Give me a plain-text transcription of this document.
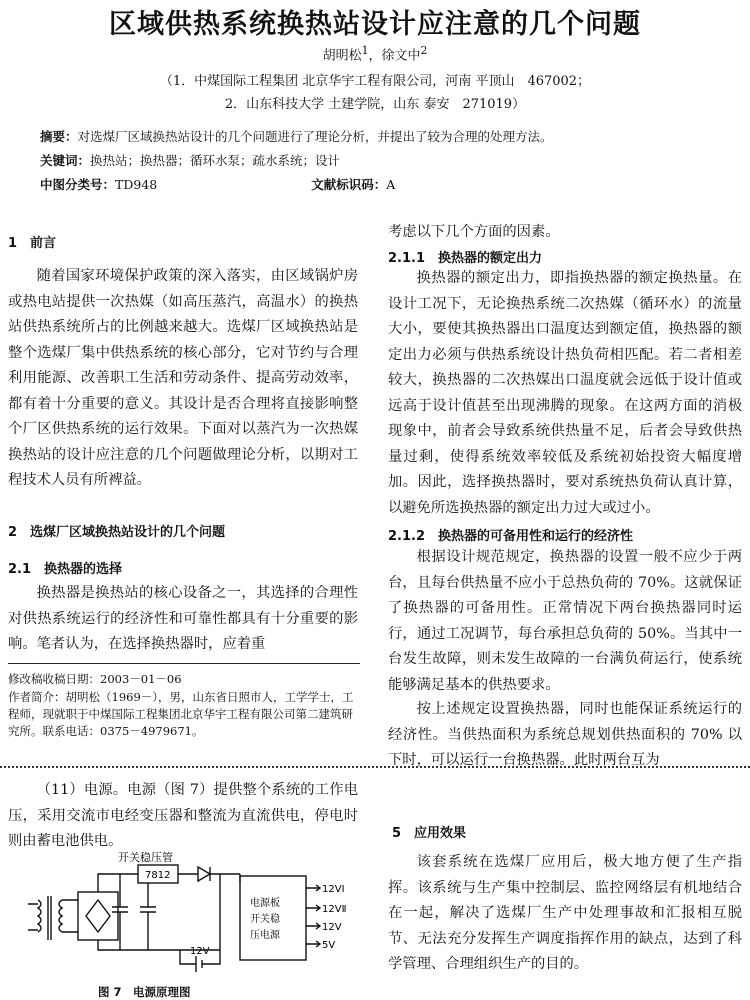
区域供热系统换热站设计应注意的几个问题
胡明松$^1$，徐文中$^2$
（1．中煤国际工程集团 北京华宇工程有限公司，河南 平顶山　467002；
2．山东科技大学 土建学院，山东 泰安　271019）
摘要：对选煤厂区域换热站设计的几个问题进行了理论分析，并提出了较为合理的处理方法。
关键词：换热站；换热器；循环水泵；疏水系统；设计
中图分类号：TD948	文献标识码：A
1　前言

随着国家环境保护政策的深入落实，由区域锅炉房或热电站提供一次热媒（如高压蒸汽，高温水）的换热站供热系统所占的比例越来越大。选煤厂区域换热站是整个选煤厂集中供热系统的核心部分，它对节约与合理利用能源、改善职工生活和劳动条件、提高劳动效率，都有着十分重要的意义。其设计是否合理将直接影响整个厂区供热系统的运行效果。下面对以蒸汽为一次热媒换热站的设计应注意的几个问题做理论分析，以期对工程技术人员有所裨益。

2　选煤厂区域换热站设计的几个问题
2.1　换热器的选择

换热器是换热站的核心设备之一，其选择的合理性对供热系统运行的经济性和可靠性都具有十分重要的影响。笔者认为，在选择换热器时，应着重

修改稿收稿日期：2003－01－06
作者简介：胡明松（1969－），男，山东省日照市人，工学学士，工程师，现就职于中煤国际工程集团北京华宇工程有限公司第二建筑研究所。联系电话：0375－4979671。

考虑以下几个方面的因素。

2.1.1　换热器的额定出力

换热器的额定出力，即指换热器的额定换热量。在设计工况下，无论换热系统二次热媒（循环水）的流量大小，要使其换热器出口温度达到额定值，换热器的额定出力必须与供热系统设计热负荷相匹配。若二者相差较大，换热器的二次热媒出口温度就会远低于设计值或远高于设计值甚至出现沸腾的现象。在这两方面的消极现象中，前者会导致系统供热量不足，后者会导致供热量过剩，使得系统效率较低及系统初始投资大幅度增加。因此，选择换热器时，要对系统热负荷认真计算，以避免所选换热器的额定出力过大或过小。

2.1.2　换热器的可备用性和运行的经济性

根据设计规范规定，换热器的设置一般不应少于两台，且每台供热量不应小于总热负荷的 70%。这就保证了换热器的可备用性。正常情况下两台换热器同时运行，通过工况调节，每台承担总负荷的 50%。当其中一台发生故障，则未发生故障的一台满负荷运行，使系统能够满足基本的供热要求。

按上述规定设置换热器，同时也能保证系统运行的经济性。当供热面积为系统总规划供热面积的 70% 以下时，可以运行一台换热器。此时两台互为

（11）电源。电源（图 7）提供整个系统的工作电压，采用交流市电经变压器和整流为直流供电，停电时则由蓄电池供电。	5　应用效果

该套系统在选煤厂应用后，极大地方便了生产指挥。该系统与生产集中控制层、监控网络层有机地结合在一起，解决了选煤厂生产中处理事故和汇报相互脱节、无法充分发挥生产调度指挥作用的缺点，达到了科学管理、合理组织生产的目的。

开关稳压管
7812
电源板
开关稳
压电源
12VⅠ
12VⅡ
12V
5V
12V
图 7　电源原理图
